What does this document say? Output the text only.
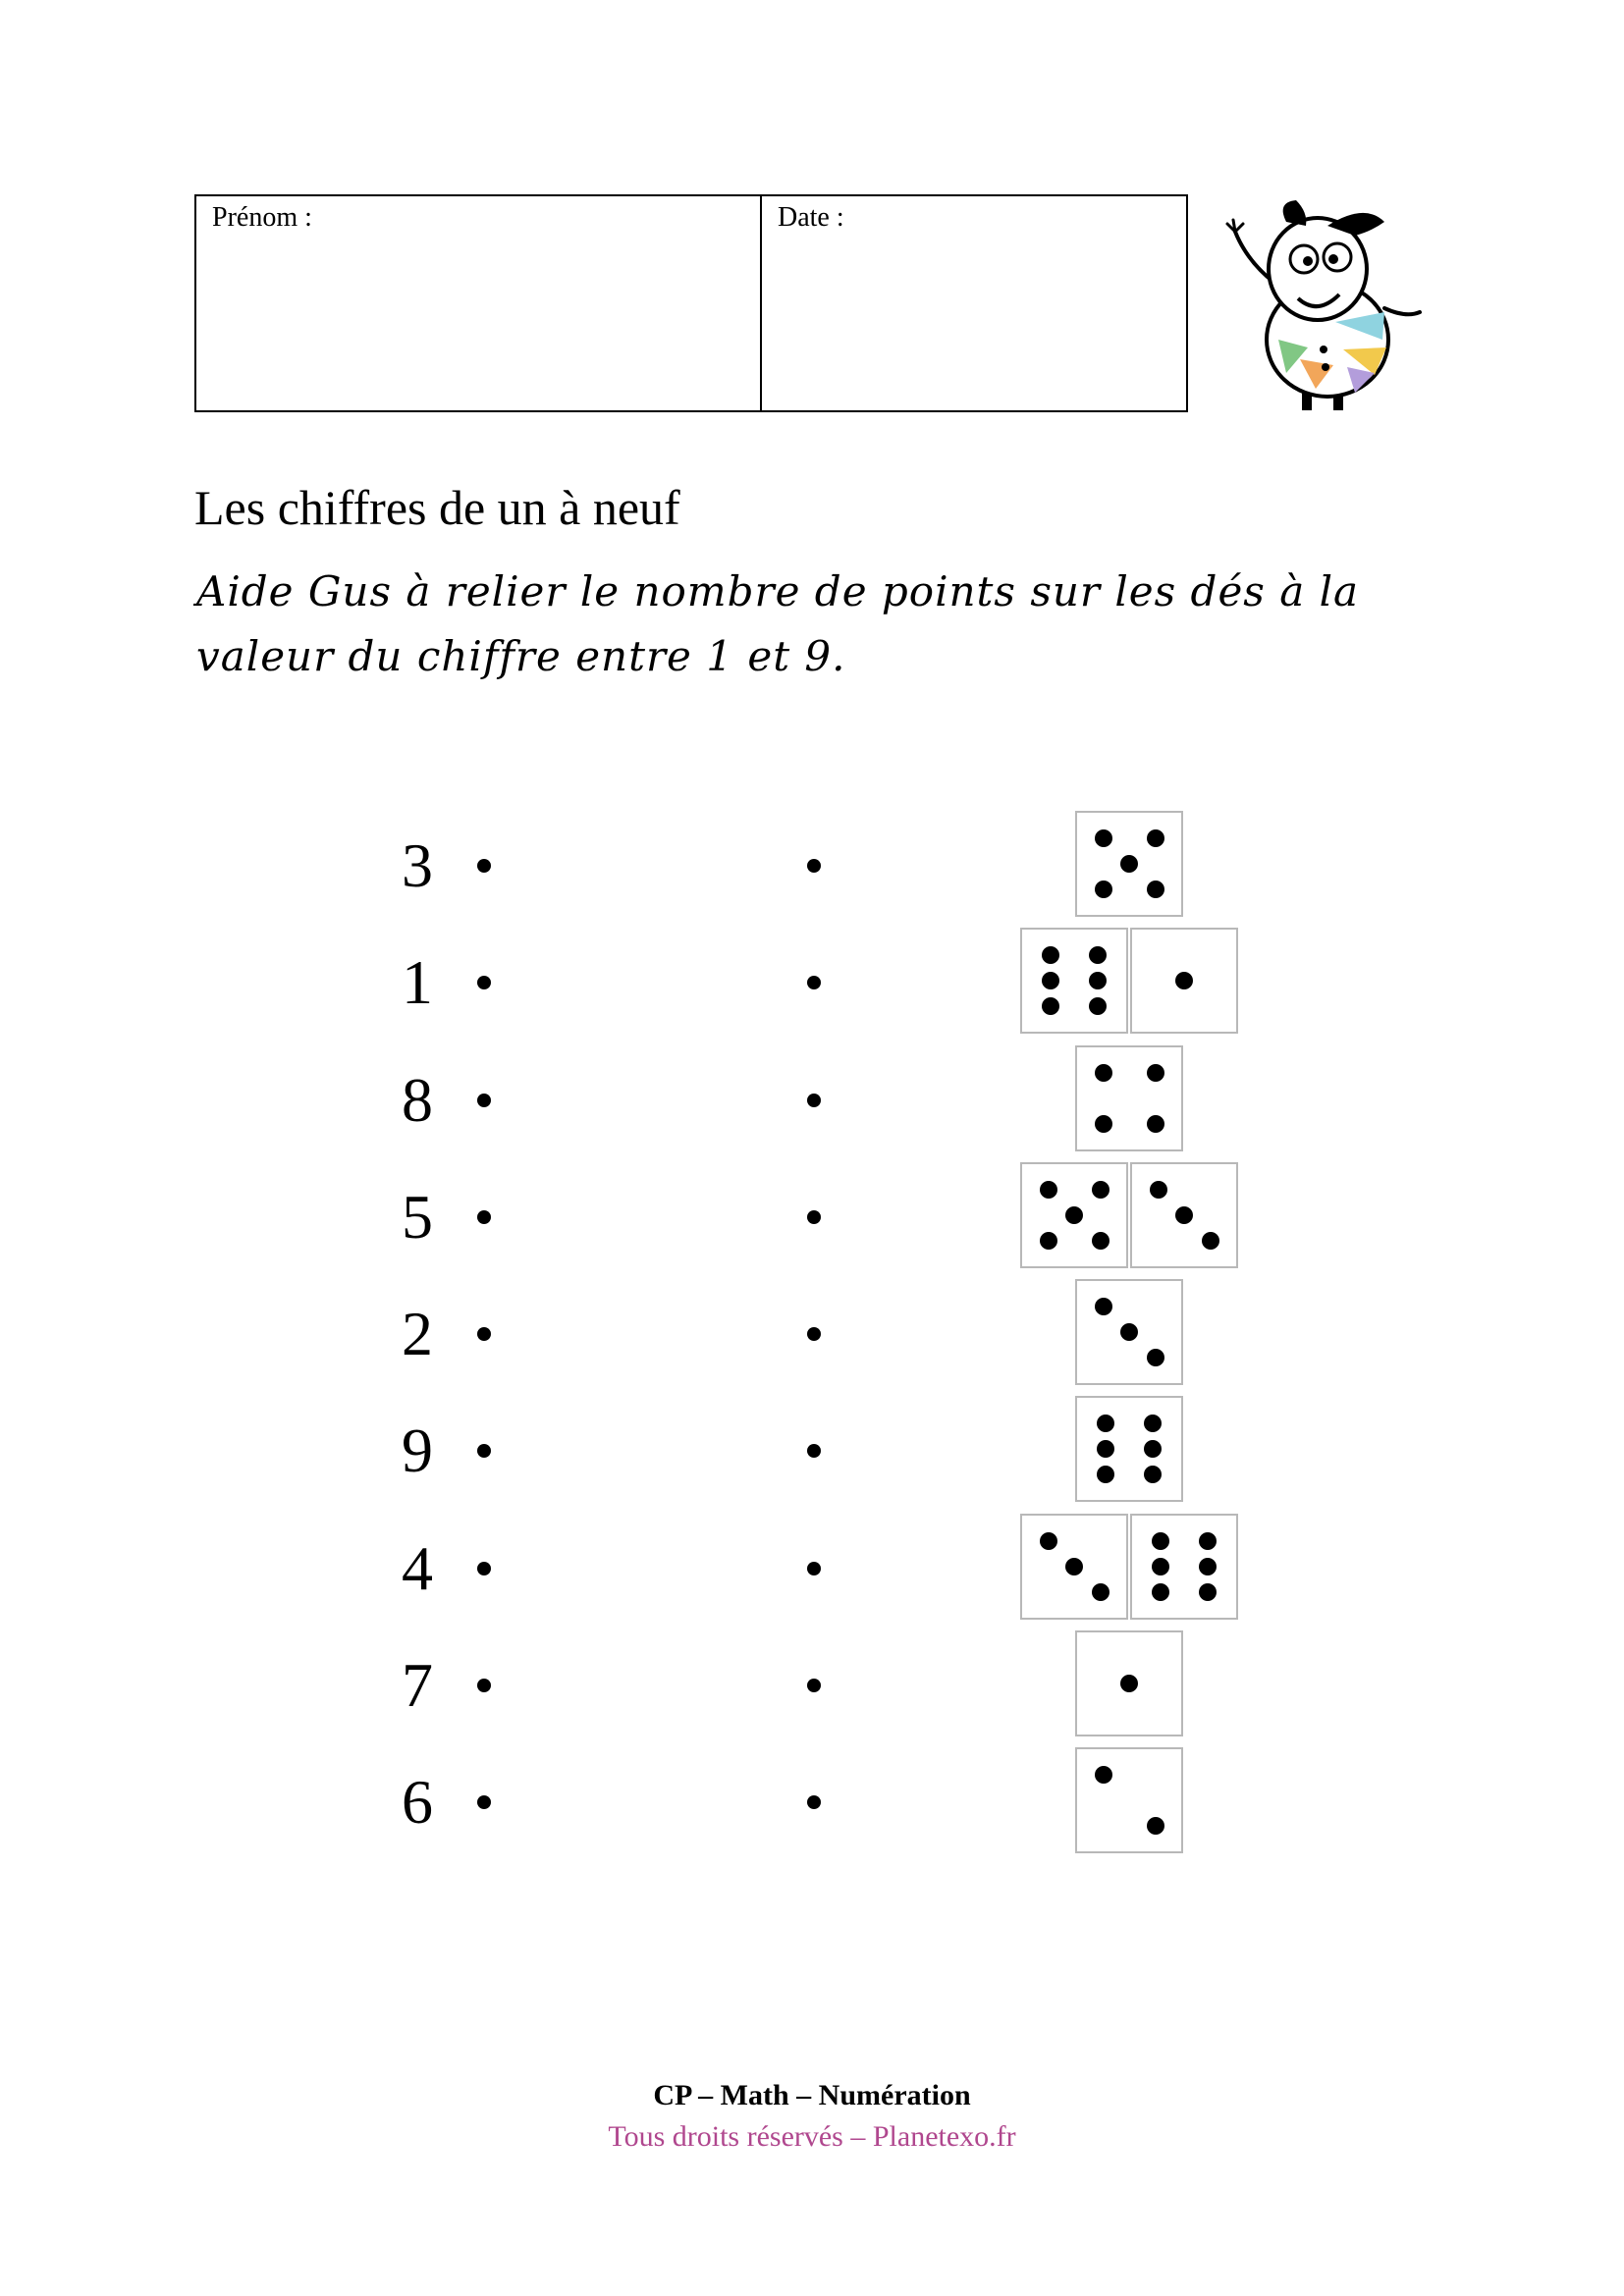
Prénom :	Date :
Les chiffres de un à neuf
Aide Gus à relier le nombre de points sur les dés à la
valeur du chiffre entre 1 et 9.
3
1
8
5
2
9
4
7
6
CP – Math – Numération
Tous droits réservés – Planetexo.fr
